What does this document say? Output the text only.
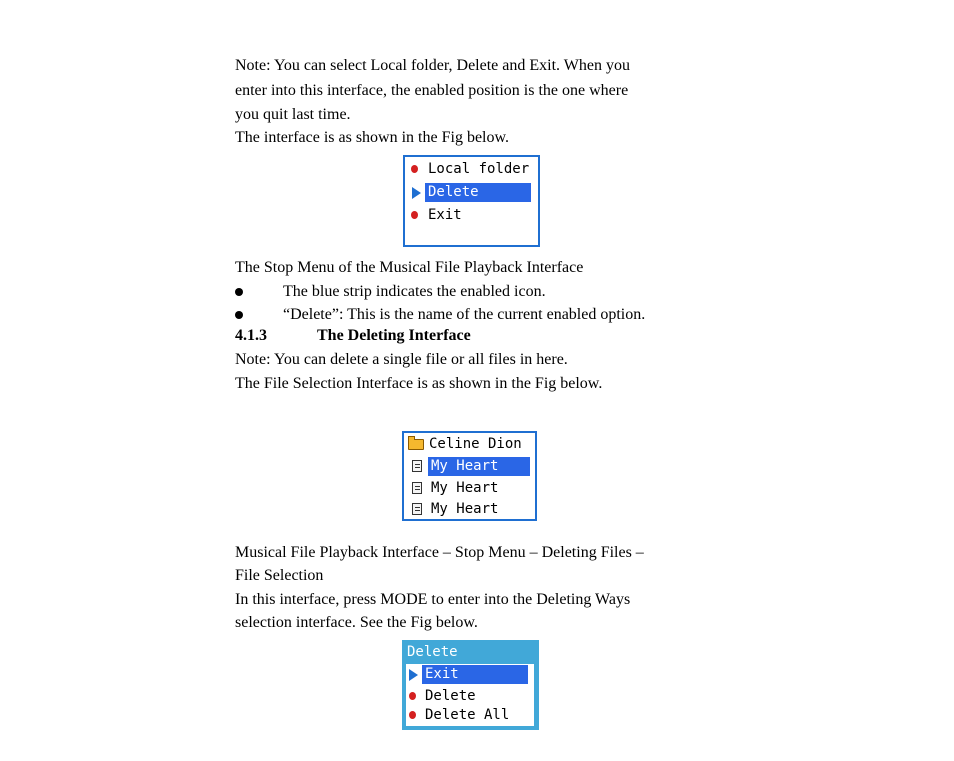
Note: You can select Local folder, Delete and Exit. When you

enter into this interface, the enabled position is the one where

you quit last time.

The interface is as shown in the Fig below.

Local folder
Delete
Exit

The Stop Menu of the Musical File Playback Interface

The blue strip indicates the enabled icon.
“Delete”: This is the name of the current enabled option.
4.1.3	The Deleting Interface

Note: You can delete a single file or all files in here.

The File Selection Interface is as shown in the Fig below.

Celine Dion
My Heart
My Heart
My Heart

Musical File Playback Interface – Stop Menu – Deleting Files –

File Selection

In this interface, press MODE to enter into the Deleting Ways

selection interface. See the Fig below.

Delete
Exit
Delete
Delete All
